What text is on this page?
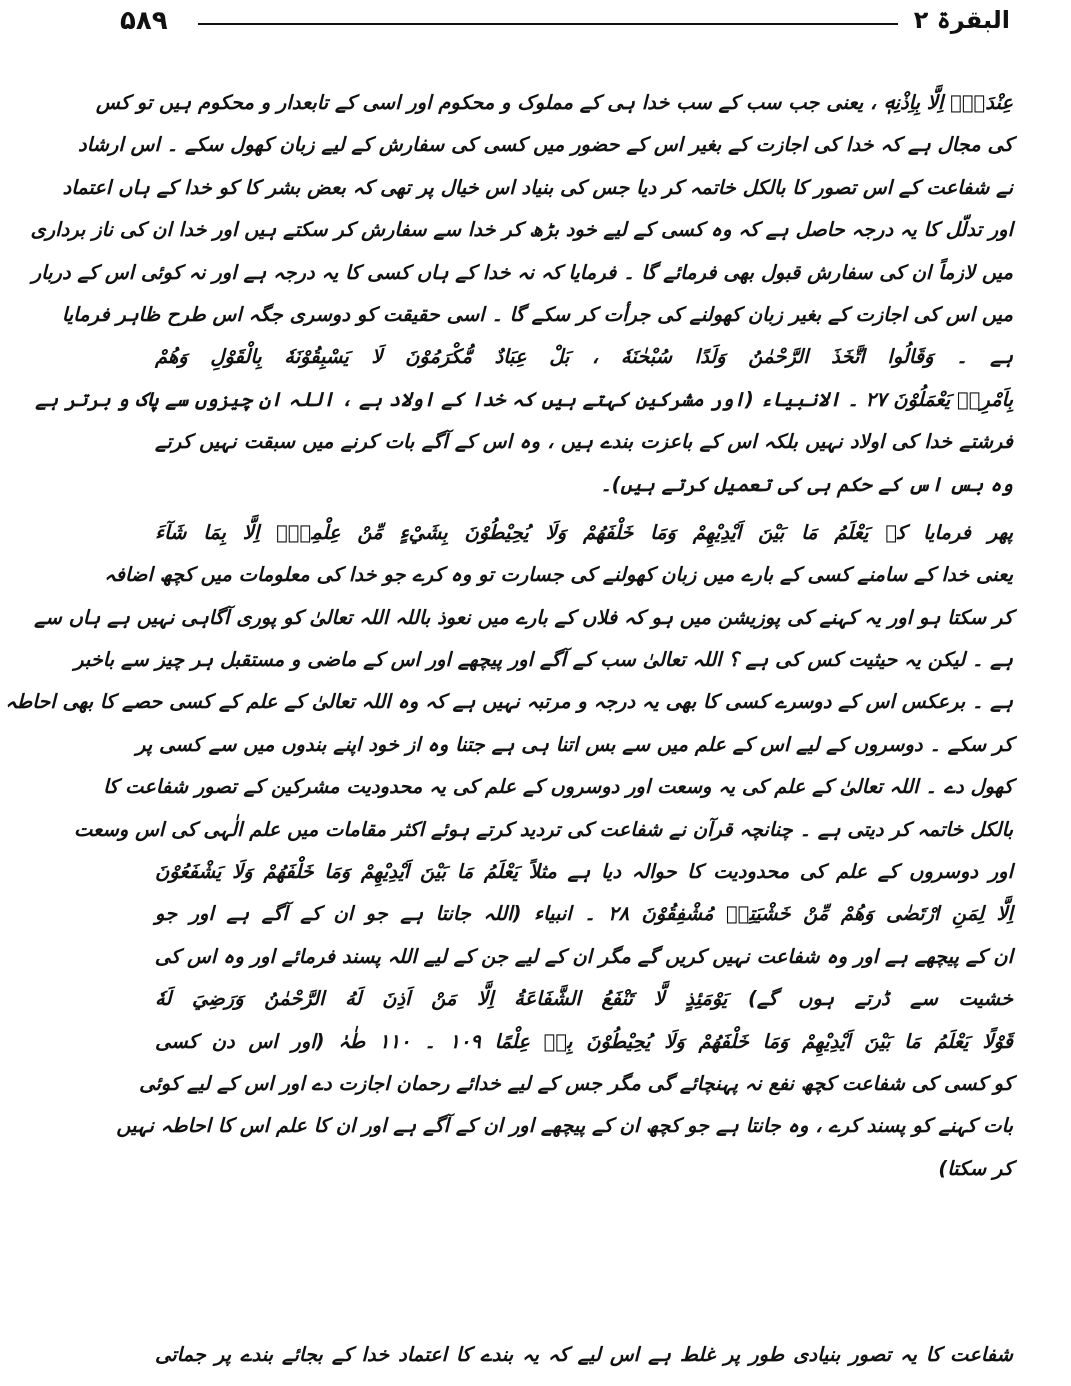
۵۸۹	البقرۃ ۲
عِنْدَهٗۤ اِلَّا بِاِذْنِهٖ ، یعنی جب سب کے سب خدا ہی کے مملوک و محکوم اور اسی کے تابعدار و محکوم ہیں تو کس
کی مجال ہے کہ خدا کی اجازت کے بغیر اس کے حضور میں کسی کی سفارش کے لیے زبان کھول سکے ۔ اس ارشاد
نے شفاعت کے اس تصور کا بالکل خاتمہ کر دیا جس کی بنیاد اس خیال پر تھی کہ بعض بشر کا کو خدا کے ہاں اعتماد
اور تدلّل کا یہ درجہ حاصل ہے کہ وہ کسی کے لیے خود بڑھ کر خدا سے سفارش کر سکتے ہیں اور خدا ان کی ناز برداری
میں لازماً ان کی سفارش قبول بھی فرمائے گا ۔ فرمایا کہ نہ خدا کے ہاں کسی کا یہ درجہ ہے اور نہ کوئی اس کے دربار
میں اس کی اجازت کے بغیر زبان کھولنے کی جرأت کر سکے گا ۔ اسی حقیقت کو دوسری جگہ اس طرح ظاہر فرمایا
ہے ۔ وَقَالُوا اتَّخَذَ الرَّحْمٰنُ وَلَدًا سُبْحٰنَهٗ ، بَلْ عِبَادٌ مُّكْرَمُوْنَ لَا يَسْبِقُوْنَهٗ بِالْقَوْلِ وَهُمْ
بِاَمْرِهٖ يَعْمَلُوْنَ ۲۷ ۔ الانبیاء (اور مشرکین کہتے ہیں کہ خدا کے اولاد ہے ، اللہ ان چیزوں سے پاک و برتر ہے
فرشتے خدا کی اولاد نہیں بلکہ اس کے باعزت بندے ہیں ، وہ اس کے آگے بات کرنے میں سبقت نہیں کرتے
وہ بس اس کے حکم ہی کی تعمیل کرتے ہیں)۔
پھر فرمایا کہ يَعْلَمُ مَا بَيْنَ اَيْدِيْهِمْ وَمَا خَلْفَهُمْ وَلَا يُحِيْطُوْنَ بِشَيْءٍ مِّنْ عِلْمِهٖۤ اِلَّا بِمَا شَآءَ
یعنی خدا کے سامنے کسی کے بارے میں زبان کھولنے کی جسارت تو وہ کرے جو خدا کی معلومات میں کچھ اضافہ
کر سکتا ہو اور یہ کہنے کی پوزیشن میں ہو کہ فلاں کے بارے میں نعوذ باللہ اللہ تعالیٰ کو پوری آگاہی نہیں ہے ہاں سے
ہے ۔ لیکن یہ حیثیت کس کی ہے ؟ اللہ تعالیٰ سب کے آگے اور پیچھے اور اس کے ماضی و مستقبل ہر چیز سے باخبر
ہے ۔ برعکس اس کے دوسرے کسی کا بھی یہ درجہ و مرتبہ نہیں ہے کہ وہ اللہ تعالیٰ کے علم کے کسی حصے کا بھی احاطہ
کر سکے ۔ دوسروں کے لیے اس کے علم میں سے بس اتنا ہی ہے جتنا وہ از خود اپنے بندوں میں سے کسی پر
کھول دے ۔ اللہ تعالیٰ کے علم کی یہ وسعت اور دوسروں کے علم کی یہ محدودیت مشرکین کے تصور شفاعت کا
بالکل خاتمہ کر دیتی ہے ۔ چنانچہ قرآن نے شفاعت کی تردید کرتے ہوئے اکثر مقامات میں علم الٰہی کی اس وسعت
اور دوسروں کے علم کی محدودیت کا حوالہ دیا ہے مثلاً يَعْلَمُ مَا بَيْنَ اَيْدِيْهِمْ وَمَا خَلْفَهُمْ وَلَا يَشْفَعُوْنَ
اِلَّا لِمَنِ ارْتَضٰى وَهُمْ مِّنْ خَشْيَتِهٖ مُشْفِقُوْنَ ۲۸ ۔ انبیاء (اللہ جانتا ہے جو ان کے آگے ہے اور جو
ان کے پیچھے ہے اور وہ شفاعت نہیں کریں گے مگر ان کے لیے جن کے لیے اللہ پسند فرمائے اور وہ اس کی
خشیت سے ڈرتے ہوں گے) يَوْمَئِذٍ لَّا تَنْفَعُ الشَّفَاعَةُ اِلَّا مَنْ اَذِنَ لَهُ الرَّحْمٰنُ وَرَضِيَ لَهٗ
قَوْلًا يَعْلَمُ مَا بَيْنَ اَيْدِيْهِمْ وَمَا خَلْفَهُمْ وَلَا يُحِيْطُوْنَ بِهٖ عِلْمًا ۱۰۹ ۔ ۱۱۰ طٰہٰ (اور اس دن کسی
کو کسی کی شفاعت کچھ نفع نہ پہنچائے گی مگر جس کے لیے خدائے رحمان اجازت دے اور اس کے لیے کوئی
بات کہنے کو پسند کرے ، وہ جانتا ہے جو کچھ ان کے پیچھے اور ان کے آگے ہے اور ان کا علم اس کا احاطہ نہیں
کر سکتا)
شفاعت کا یہ تصور بنیادی طور پر غلط ہے اس لیے کہ یہ بندے کا اعتماد خدا کے بجائے بندے پر جماتی
